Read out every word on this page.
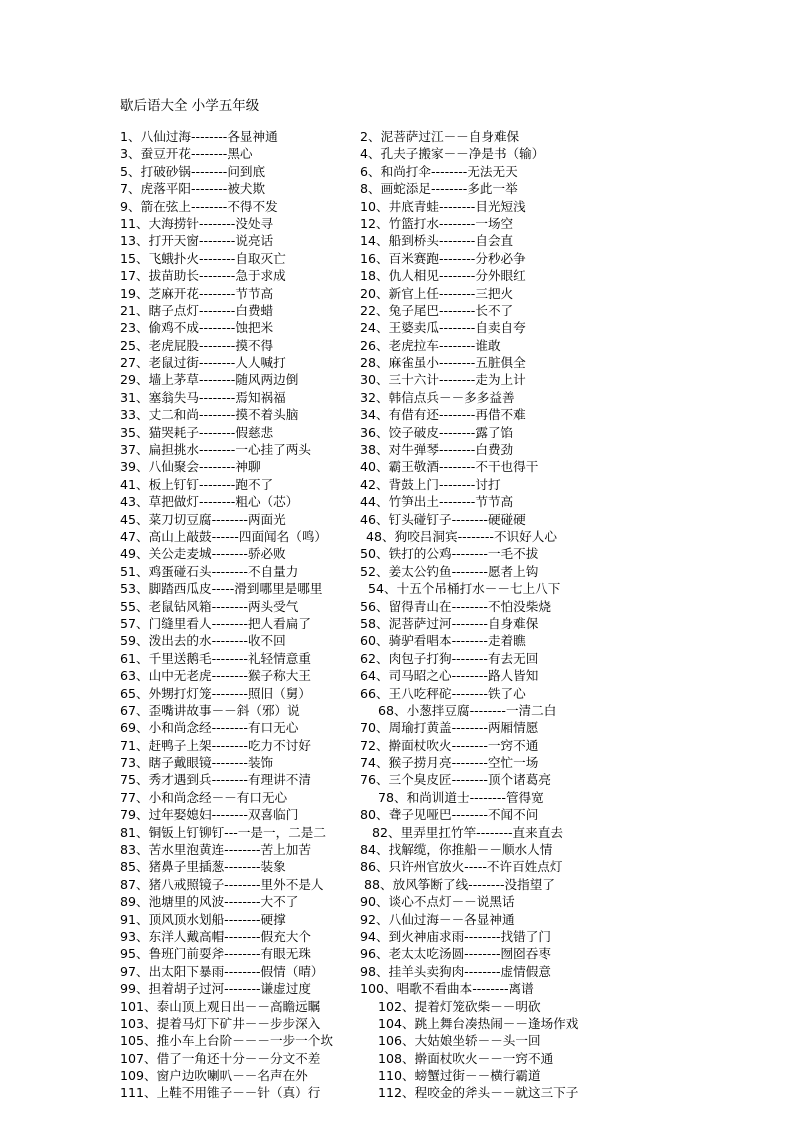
歇后语大全 小学五年级
1、八仙过海--------各显神通
3、蚕豆开花--------黑心
5、打破砂锅--------问到底
7、虎落平阳--------被犬欺
9、箭在弦上--------不得不发
11、大海捞针--------没处寻
13、打开天窗--------说亮话
15、飞蛾扑火--------自取灭亡
17、拔苗助长--------急于求成
19、芝麻开花--------节节高
21、瞎子点灯--------白费蜡
23、偷鸡不成--------蚀把米
25、老虎屁股--------摸不得
27、老鼠过街--------人人喊打
29、墙上茅草--------随风两边倒
31、塞翁失马--------焉知祸福
33、丈二和尚--------摸不着头脑
35、猫哭耗子--------假慈悲
37、扁担挑水--------一心挂了两头
39、八仙聚会--------神聊
41、板上钉钉--------跑不了
43、草把做灯--------粗心（芯）
45、菜刀切豆腐--------两面光
47、高山上敲鼓------四面闻名（鸣）
49、关公走麦城--------骄必败
51、鸡蛋碰石头--------不自量力
53、脚踏西瓜皮-----滑到哪里是哪里
55、老鼠钻风箱--------两头受气
57、门缝里看人--------把人看扁了
59、泼出去的水--------收不回
61、千里送鹅毛--------礼轻情意重
63、山中无老虎--------猴子称大王
65、外甥打灯笼--------照旧（舅）
67、歪嘴讲故事－－斜（邪）说
69、小和尚念经--------有口无心
71、赶鸭子上架--------吃力不讨好
73、瞎子戴眼镜--------装饰
75、秀才遇到兵--------有理讲不清
77、小和尚念经－－有口无心
79、过年娶媳妇--------双喜临门
81、铜钣上钉铆钉---一是一，二是二
83、苦水里泡黄连--------苦上加苦
85、猪鼻子里插葱--------装象
87、猪八戒照镜子--------里外不是人
89、池塘里的风波--------大不了
91、顶风顶水划船--------硬撑
93、东洋人戴高帽--------假充大个
95、鲁班门前耍斧--------有眼无珠
97、出太阳下暴雨--------假情（晴）
99、担着胡子过河--------谦虚过度
101、泰山顶上观日出－－高瞻远瞩
103、提着马灯下矿井－－步步深入
105、推小车上台阶－－－一步一个坎
107、借了一角还十分－－分文不差
109、窗户边吹喇叭－－名声在外
111、上鞋不用锥子－－针（真）行
2、泥菩萨过江－－自身难保
4、孔夫子搬家－－净是书（输）
6、和尚打伞--------无法无天
8、画蛇添足--------多此一举
10、井底青蛙--------目光短浅
12、竹篮打水--------一场空
14、船到桥头--------自会直
16、百米赛跑--------分秒必争
18、仇人相见--------分外眼红
20、新官上任--------三把火
22、兔子尾巴--------长不了
24、王婆卖瓜--------自卖自夸
26、老虎拉车--------谁敢
28、麻雀虽小--------五脏俱全
30、三十六计--------走为上计
32、韩信点兵－－多多益善
34、有借有还--------再借不难
36、饺子破皮--------露了馅
38、对牛弹琴--------白费劲
40、霸王敬酒--------不干也得干
42、背鼓上门--------讨打
44、竹笋出土--------节节高
46、钉头碰钉子--------硬碰硬
48、狗咬吕洞宾--------不识好人心
50、铁打的公鸡--------一毛不拔
52、姜太公钓鱼--------愿者上钩
54、十五个吊桶打水－－七上八下
56、留得青山在--------不怕没柴烧
58、泥菩萨过河--------自身难保
60、骑驴看唱本--------走着瞧
62、肉包子打狗--------有去无回
64、司马昭之心--------路人皆知
66、王八吃秤砣--------铁了心
68、小葱拌豆腐--------一清二白
70、周瑜打黄盖--------两厢情愿
72、擀面杖吹火--------一窍不通
74、猴子捞月亮--------空忙一场
76、三个臭皮匠--------顶个诸葛亮
78、和尚训道士--------管得宽
80、聋子见哑巴--------不闻不问
82、里弄里扛竹竿--------直来直去
84、找解缆，你推船－－顺水人情
86、只许州官放火-----不许百姓点灯
88、放风筝断了线--------没指望了
90、谈心不点灯－－说黑话
92、八仙过海－－各显神通
94、到火神庙求雨--------找错了门
96、老太太吃汤圆--------囫囵吞枣
98、挂羊头卖狗肉--------虚情假意
100、唱歌不看曲本--------离谱
102、提着灯笼砍柴－－明砍
104、跳上舞台凑热闹－－逢场作戏
106、大姑娘坐轿－－头一回
108、擀面杖吹火－－一窍不通
110、螃蟹过街－－横行霸道
112、程咬金的斧头－－就这三下子
